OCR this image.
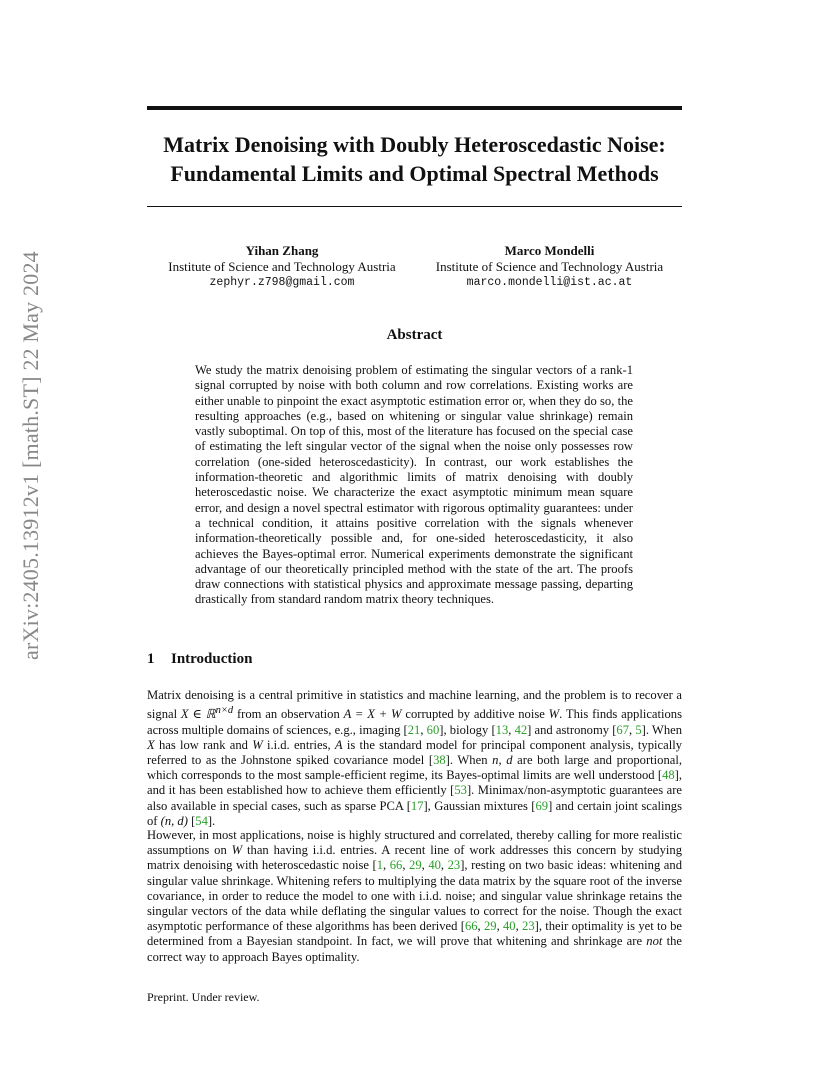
arXiv:2405.13912v1 [math.ST] 22 May 2024
Matrix Denoising with Doubly Heteroscedastic Noise:
Fundamental Limits and Optimal Spectral Methods
Yihan Zhang
Institute of Science and Technology Austria
zephyr.z798@gmail.com
Marco Mondelli
Institute of Science and Technology Austria
marco.mondelli@ist.ac.at
Abstract
We study the matrix denoising problem of estimating the singular vectors of a rank-1 signal corrupted by noise with both column and row correlations. Existing works are either unable to pinpoint the exact asymptotic estimation error or, when they do so, the resulting approaches (e.g., based on whitening or singular value shrinkage) remain vastly suboptimal. On top of this, most of the literature has focused on the special case of estimating the left singular vector of the signal when the noise only possesses row correlation (one-sided heteroscedasticity). In contrast, our work establishes the information-theoretic and algorithmic limits of matrix denoising with doubly heteroscedastic noise. We characterize the exact asymptotic minimum mean square error, and design a novel spectral estimator with rigorous optimality guarantees: under a technical condition, it attains positive correlation with the signals whenever information-theoretically possible and, for one-sided heteroscedasticity, it also achieves the Bayes-optimal error. Numerical experiments demonstrate the significant advantage of our theoretically principled method with the state of the art. The proofs draw connections with statistical physics and approximate message passing, departing drastically from standard random matrix theory techniques.
1 Introduction
Matrix denoising is a central primitive in statistics and machine learning, and the problem is to recover a signal X ∈ ℝ$^{n\times d}$ from an observation A = X + W corrupted by additive noise W. This finds applications across multiple domains of sciences, e.g., imaging [21, 60], biology [13, 42] and astronomy [67, 5]. When X has low rank and W i.i.d. entries, A is the standard model for principal component analysis, typically referred to as the Johnstone spiked covariance model [38]. When n, d are both large and proportional, which corresponds to the most sample-efficient regime, its Bayes-optimal limits are well understood [48], and it has been established how to achieve them efficiently [53]. Minimax/non-asymptotic guarantees are also available in special cases, such as sparse PCA [17], Gaussian mixtures [69] and certain joint scalings of (n, d) [54].
However, in most applications, noise is highly structured and correlated, thereby calling for more realistic assumptions on W than having i.i.d. entries. A recent line of work addresses this concern by studying matrix denoising with heteroscedastic noise [1, 66, 29, 40, 23], resting on two basic ideas: whitening and singular value shrinkage. Whitening refers to multiplying the data matrix by the square root of the inverse covariance, in order to reduce the model to one with i.i.d. noise; and singular value shrinkage retains the singular vectors of the data while deflating the singular values to correct for the noise. Though the exact asymptotic performance of these algorithms has been derived [66, 29, 40, 23], their optimality is yet to be determined from a Bayesian standpoint. In fact, we will prove that whitening and shrinkage are not the correct way to approach Bayes optimality.
Preprint. Under review.
